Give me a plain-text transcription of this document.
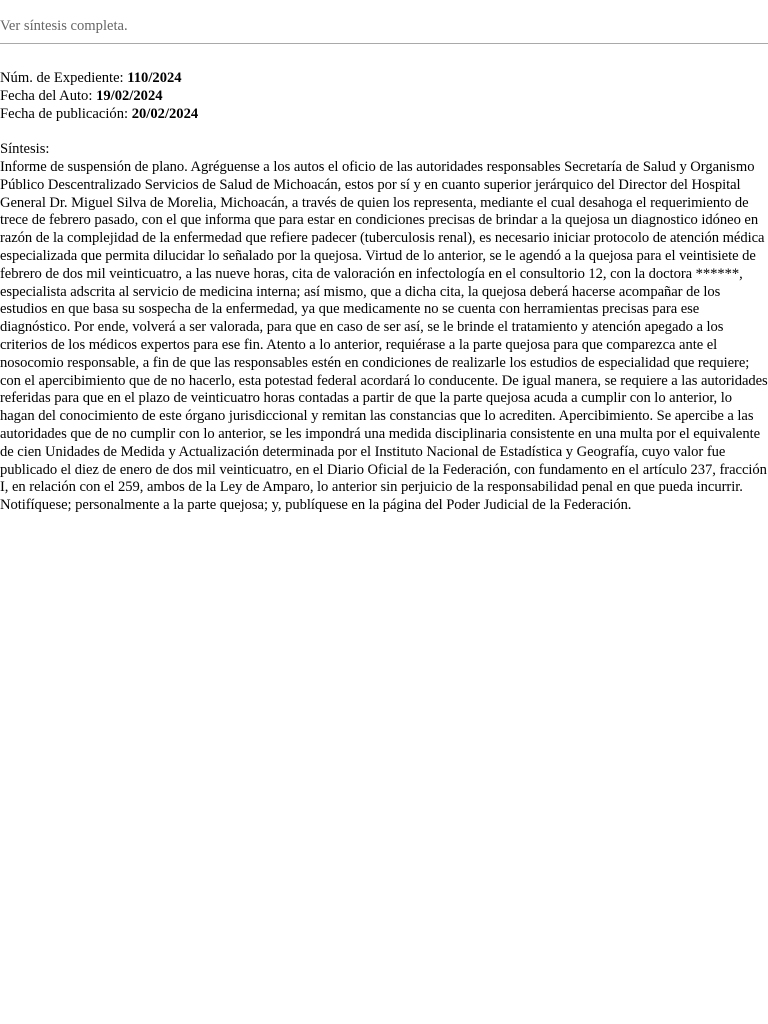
Ver síntesis completa.
Núm. de Expediente: 110/2024
Fecha del Auto: 19/02/2024
Fecha de publicación: 20/02/2024
Síntesis:
Informe de suspensión de plano. Agréguense a los autos el oficio de las autoridades responsables Secretaría de Salud y Organismo Público Descentralizado Servicios de Salud de Michoacán, estos por sí y en cuanto superior jerárquico del Director del Hospital General Dr. Miguel Silva de Morelia, Michoacán, a través de quien los representa, mediante el cual desahoga el requerimiento de trece de febrero pasado, con el que informa que para estar en condiciones precisas de brindar a la quejosa un diagnostico idóneo en razón de la complejidad de la enfermedad que refiere padecer (tuberculosis renal), es necesario iniciar protocolo de atención médica especializada que permita dilucidar lo señalado por la quejosa. Virtud de lo anterior, se le agendó a la quejosa para el veintisiete de febrero de dos mil veinticuatro, a las nueve horas, cita de valoración en infectología en el consultorio 12, con la doctora ******, especialista adscrita al servicio de medicina interna; así mismo, que a dicha cita, la quejosa deberá hacerse acompañar de los estudios en que basa su sospecha de la enfermedad, ya que medicamente no se cuenta con herramientas precisas para ese diagnóstico. Por ende, volverá a ser valorada, para que en caso de ser así, se le brinde el tratamiento y atención apegado a los criterios de los médicos expertos para ese fin. Atento a lo anterior, requiérase a la parte quejosa para que comparezca ante el nosocomio responsable, a fin de que las responsables estén en condiciones de realizarle los estudios de especialidad que requiere; con el apercibimiento que de no hacerlo, esta potestad federal acordará lo conducente. De igual manera, se requiere a las autoridades referidas para que en el plazo de veinticuatro horas contadas a partir de que la parte quejosa acuda a cumplir con lo anterior, lo hagan del conocimiento de este órgano jurisdiccional y remitan las constancias que lo acrediten. Apercibimiento. Se apercibe a las autoridades que de no cumplir con lo anterior, se les impondrá una medida disciplinaria consistente en una multa por el equivalente de cien Unidades de Medida y Actualización determinada por el Instituto Nacional de Estadística y Geografía, cuyo valor fue publicado el diez de enero de dos mil veinticuatro, en el Diario Oficial de la Federación, con fundamento en el artículo 237, fracción I, en relación con el 259, ambos de la Ley de Amparo, lo anterior sin perjuicio de la responsabilidad penal en que pueda incurrir. Notifíquese; personalmente a la parte quejosa; y, publíquese en la página del Poder Judicial de la Federación.
